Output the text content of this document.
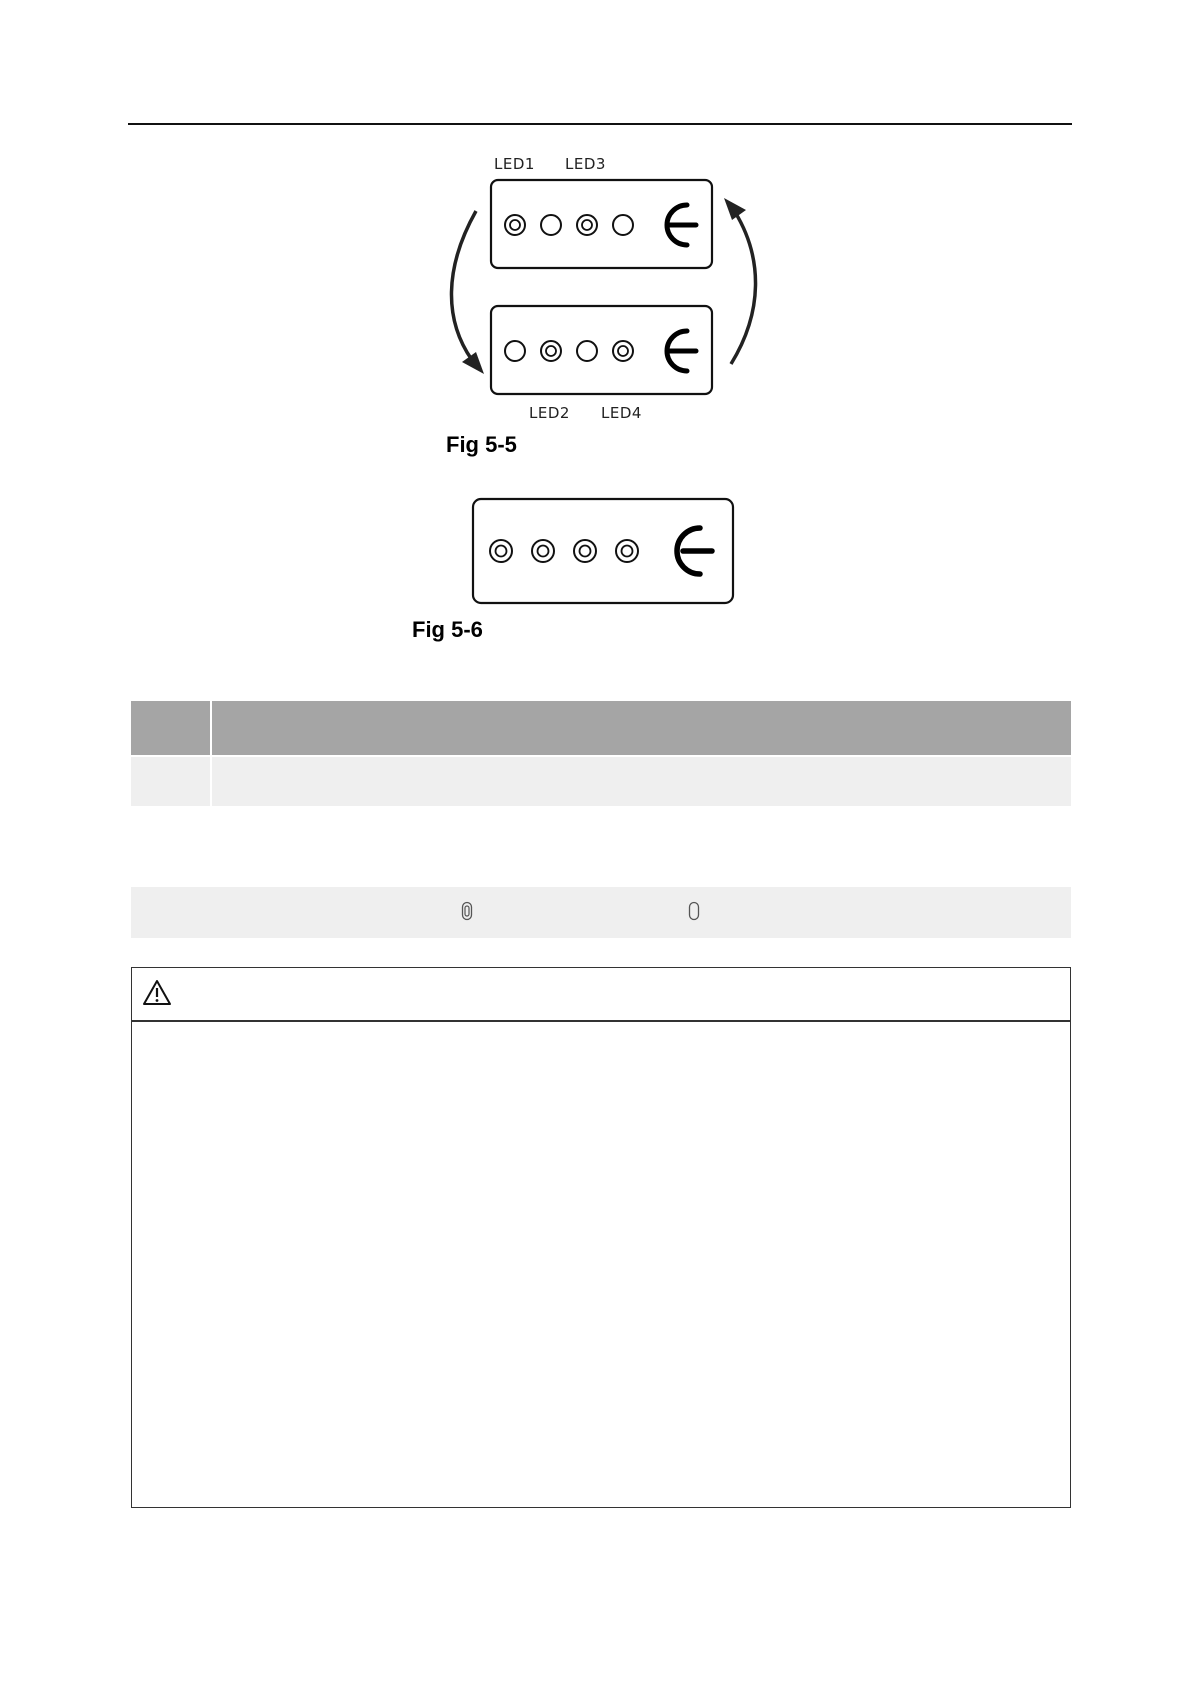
LED1 LED3
LED2 LED4
Fig 5-5
Fig 5-6
